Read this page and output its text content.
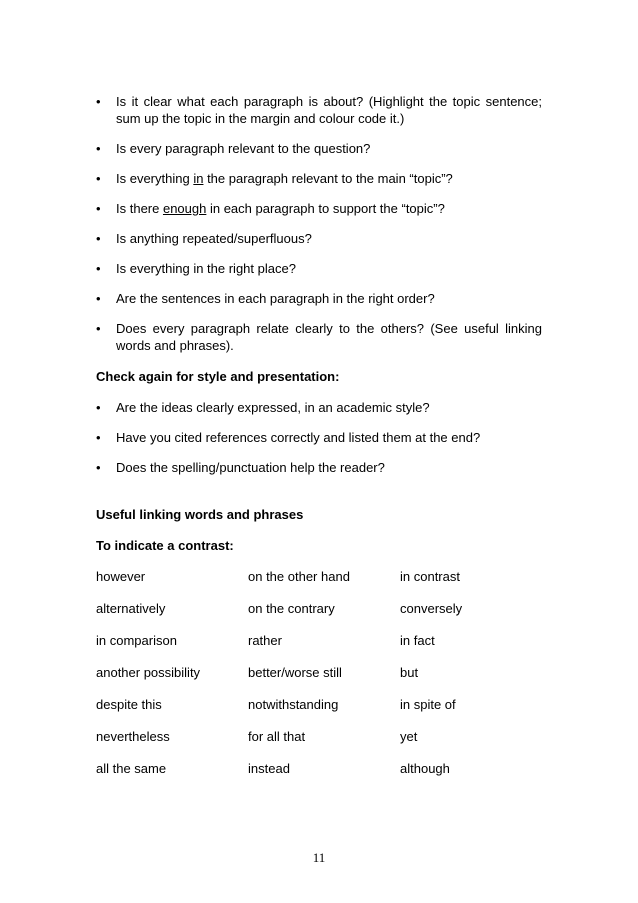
• Is it clear what each paragraph is about? (Highlight the topic sentence; sum up the topic in the margin and colour code it.)
• Is every paragraph relevant to the question?
• Is everything in the paragraph relevant to the main “topic”?
• Is there enough in each paragraph to support the “topic”?
• Is anything repeated/superfluous?
• Is everything in the right place?
• Are the sentences in each paragraph in the right order?
• Does every paragraph relate clearly to the others? (See useful linking words and phrases).
Check again for style and presentation:
• Are the ideas clearly expressed, in an academic style?
• Have you cited references correctly and listed them at the end?
• Does the spelling/punctuation help the reader?
Useful linking words and phrases
To indicate a contrast:
however	on the other hand	in contrast
alternatively	on the contrary	conversely
in comparison	rather	in fact
another possibility	better/worse still	but
despite this	notwithstanding	in spite of
nevertheless	for all that	yet
all the same	instead	although
11
